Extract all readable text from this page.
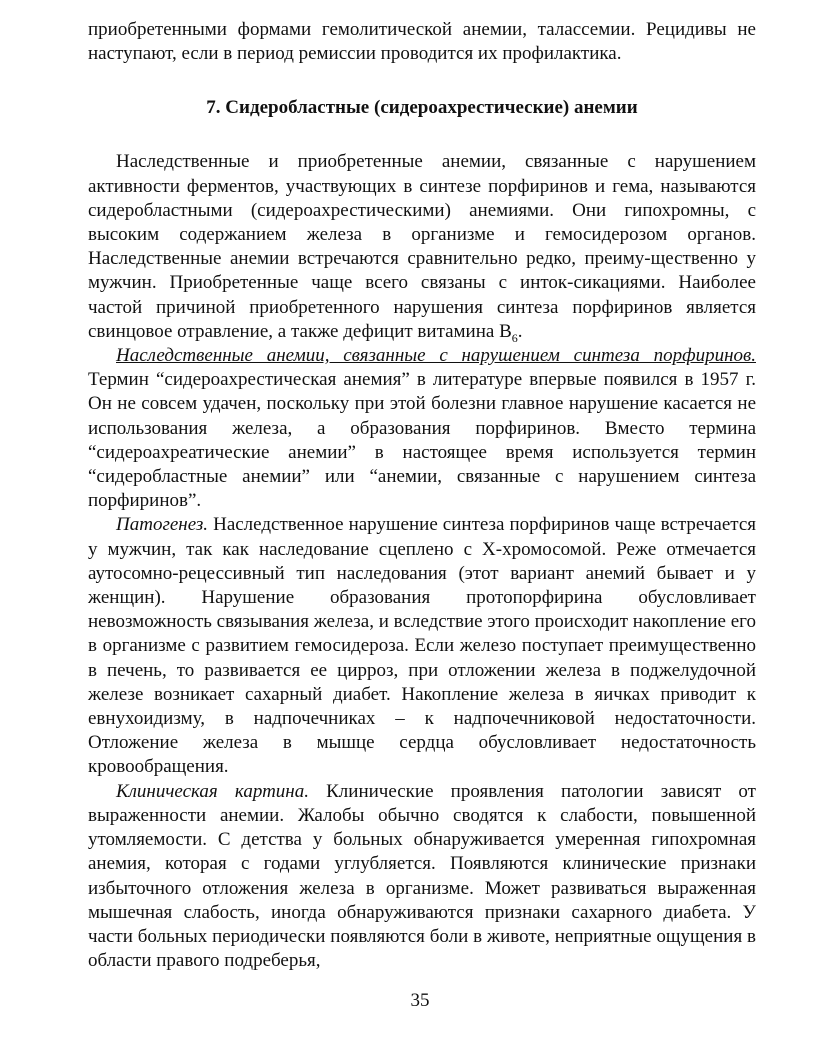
приобретенными формами гемолитической анемии, талассемии. Рецидивы не наступают, если в период ремиссии проводится их профилактика.

7. Сидеробластные (сидероахрестические) анемии

Наследственные и приобретенные анемии, связанные с нарушением активности ферментов, участвующих в синтезе порфиринов и гема, называются сидеробластными (сидероахрестическими) анемиями. Они гипохромны, с высоким содержанием железа в организме и гемосидерозом органов. Наследственные анемии встречаются сравнительно редко, преиму-щественно у мужчин. Приобретенные чаще всего связаны с инток-сикациями. Наиболее частой причиной приобретенного нарушения синтеза порфиринов является свинцовое отравление, а также дефицит витамина $В_6$.

Наследственные анемии, связанные с нарушением синтеза порфиринов. Термин “сидероахрестическая анемия” в литературе впервые появился в 1957 г. Он не совсем удачен, поскольку при этой болезни главное нарушение касается не использования железа, а образования порфиринов. Вместо термина “сидероахреатические анемии” в настоящее время используется термин “сидеробластные анемии” или “анемии, связанные с нарушением синтеза порфиринов”.

Патогенез. Наследственное нарушение синтеза порфиринов чаще встречается у мужчин, так как наследование сцеплено с Х-хромосомой. Реже отмечается аутосомно-рецессивный тип наследования (этот вариант анемий бывает и у женщин). Нарушение образования протопорфирина обусловливает невозможность связывания железа, и вследствие этого происходит накопление его в организме с развитием гемосидероза. Если железо поступает преимущественно в печень, то развивается ее цирроз, при отложении железа в поджелудочной железе возникает сахарный диабет. Накопление железа в яичках приводит к евнухоидизму, в надпочечниках – к надпочечниковой недостаточности. Отложение железа в мышце сердца обусловливает недостаточность кровообращения.

Клиническая картина. Клинические проявления патологии зависят от выраженности анемии. Жалобы обычно сводятся к слабости, повышенной утомляемости. С детства у больных обнаруживается умеренная гипохромная анемия, которая с годами углубляется. Появляются клинические признаки избыточного отложения железа в организме. Может развиваться выраженная мышечная слабость, иногда обнаруживаются признаки сахарного диабета. У части больных периодически появляются боли в животе, неприятные ощущения в области правого подреберья,

35
